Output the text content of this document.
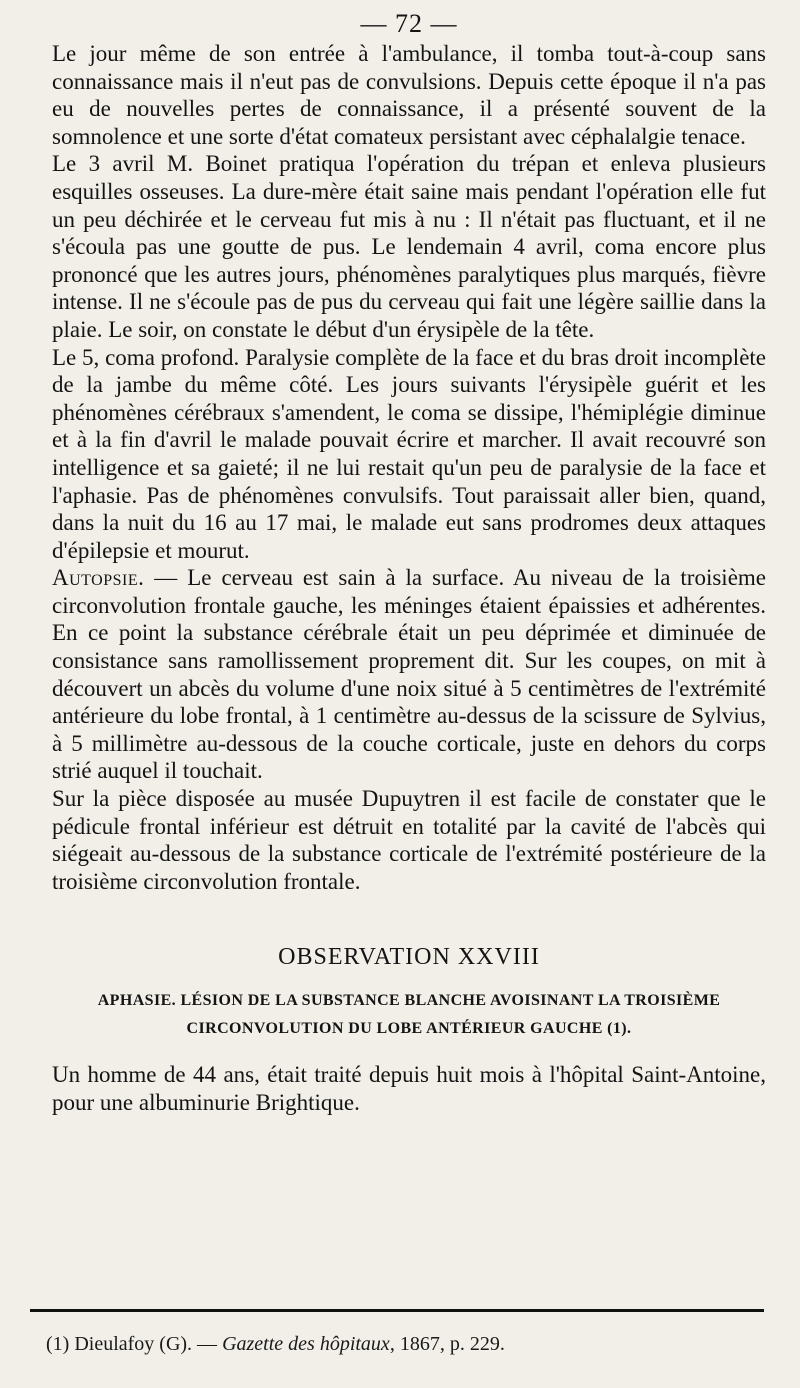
— 72 —

Le jour même de son entrée à l'ambulance, il tomba tout-à-coup sans connaissance mais il n'eut pas de convulsions. Depuis cette époque il n'a pas eu de nouvelles pertes de connaissance, il a présenté souvent de la somnolence et une sorte d'état comateux persistant avec céphalalgie tenace.

Le 3 avril M. Boinet pratiqua l'opération du trépan et enleva plusieurs esquilles osseuses. La dure-mère était saine mais pendant l'opération elle fut un peu déchirée et le cerveau fut mis à nu : Il n'était pas fluctuant, et il ne s'écoula pas une goutte de pus. Le lendemain 4 avril, coma encore plus prononcé que les autres jours, phénomènes paralytiques plus marqués, fièvre intense. Il ne s'écoule pas de pus du cerveau qui fait une légère saillie dans la plaie. Le soir, on constate le début d'un érysipèle de la tête.

Le 5, coma profond. Paralysie complète de la face et du bras droit incomplète de la jambe du même côté. Les jours suivants l'érysipèle guérit et les phénomènes cérébraux s'amendent, le coma se dissipe, l'hémiplégie diminue et à la fin d'avril le malade pouvait écrire et marcher. Il avait recouvré son intelligence et sa gaieté; il ne lui restait qu'un peu de paralysie de la face et l'aphasie. Pas de phénomènes convulsifs. Tout paraissait aller bien, quand, dans la nuit du 16 au 17 mai, le malade eut sans prodromes deux attaques d'épilepsie et mourut.

Autopsie. — Le cerveau est sain à la surface. Au niveau de la troisième circonvolution frontale gauche, les méninges étaient épaissies et adhérentes. En ce point la substance cérébrale était un peu déprimée et diminuée de consistance sans ramollissement proprement dit. Sur les coupes, on mit à découvert un abcès du volume d'une noix situé à 5 centimètres de l'extrémité antérieure du lobe frontal, à 1 centimètre au-dessus de la scissure de Sylvius, à 5 millimètre au-dessous de la couche corticale, juste en dehors du corps strié auquel il touchait.

Sur la pièce disposée au musée Dupuytren il est facile de constater que le pédicule frontal inférieur est détruit en totalité par la cavité de l'abcès qui siégeait au-dessous de la substance corticale de l'extrémité postérieure de la troisième circonvolution frontale.

OBSERVATION XXVIII
APHASIE. LÉSION DE LA SUBSTANCE BLANCHE AVOISINANT LA TROISIÈME
CIRCONVOLUTION DU LOBE ANTÉRIEUR GAUCHE (1).

Un homme de 44 ans, était traité depuis huit mois à l'hôpital Saint-Antoine, pour une albuminurie Brightique.

(1) Dieulafoy (G). — Gazette des hôpitaux, 1867, p. 229.
